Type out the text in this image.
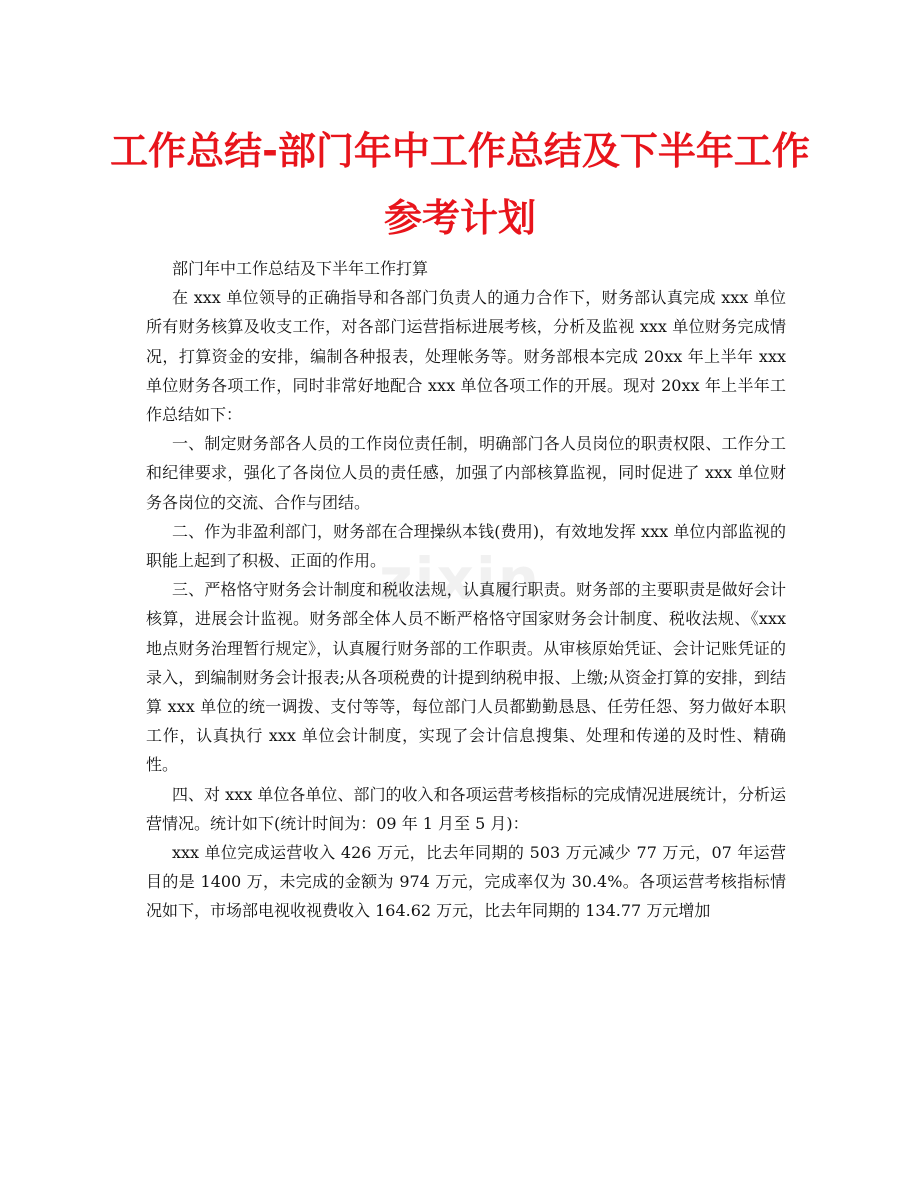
工作总结-部门年中工作总结及下半年工作
参考计划
zixin

部门年中工作总结及下半年工作打算

在 xxx 单位领导的正确指导和各部门负责人的通力合作下，财务部认真完成 xxx 单位所有财务核算及收支工作，对各部门运营指标进展考核，分析及监视 xxx 单位财务完成情况，打算资金的安排，编制各种报表，处理帐务等。财务部根本完成 20xx 年上半年 xxx 单位财务各项工作，同时非常好地配合 xxx 单位各项工作的开展。现对 20xx 年上半年工作总结如下：

一、制定财务部各人员的工作岗位责任制，明确部门各人员岗位的职责权限、工作分工和纪律要求，强化了各岗位人员的责任感，加强了内部核算监视，同时促进了 xxx 单位财务各岗位的交流、合作与团结。

二、作为非盈利部门，财务部在合理操纵本钱(费用)，有效地发挥 xxx 单位内部监视的职能上起到了积极、正面的作用。

三、严格恪守财务会计制度和税收法规，认真履行职责。财务部的主要职责是做好会计核算，进展会计监视。财务部全体人员不断严格恪守国家财务会计制度、税收法规、《xxx 地点财务治理暂行规定》，认真履行财务部的工作职责。从审核原始凭证、会计记账凭证的录入，到编制财务会计报表;从各项税费的计提到纳税申报、上缴;从资金打算的安排，到结算 xxx 单位的统一调拨、支付等等，每位部门人员都勤勤恳恳、任劳任怨、努力做好本职工作，认真执行 xxx 单位会计制度，实现了会计信息搜集、处理和传递的及时性、精确性。

四、对 xxx 单位各单位、部门的收入和各项运营考核指标的完成情况进展统计，分析运营情况。统计如下(统计时间为：09 年 1 月至 5 月)：

xxx 单位完成运营收入 426 万元，比去年同期的 503 万元减少 77 万元，07 年运营目的是 1400 万，未完成的金额为 974 万元，完成率仅为 30.4%。各项运营考核指标情况如下，市场部电视收视费收入 164.62 万元，比去年同期的 134.77 万元增加
